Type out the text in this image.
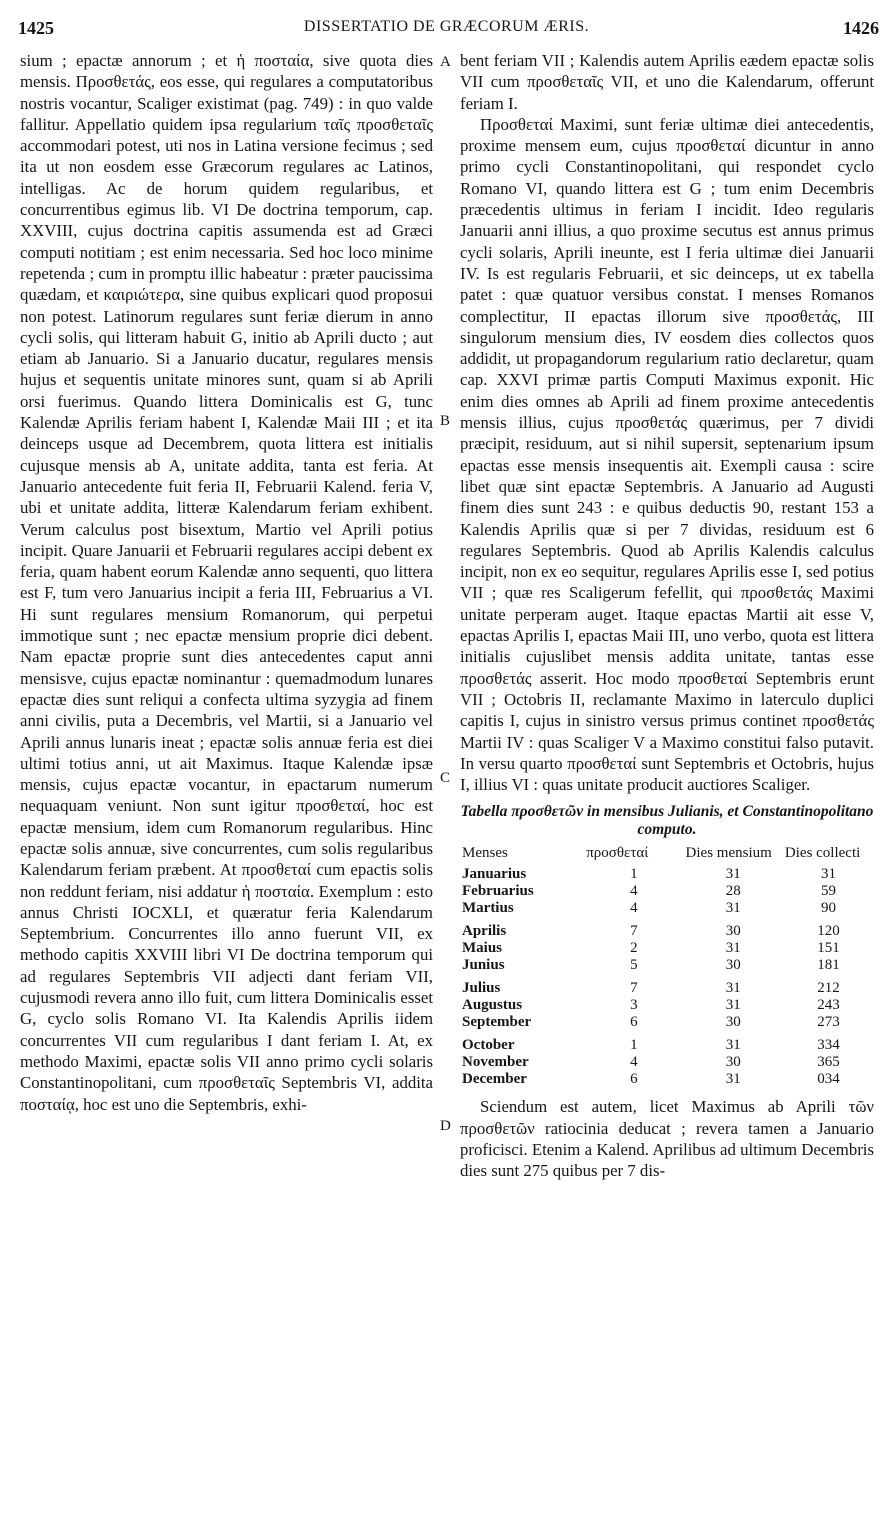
1425	DISSERTATIO DE GRÆCORUM ÆRIS.	1426
A
B
C
D

sium ; epactæ annorum ; et ἡ ποσταία, sive quota dies mensis. Προσθετάς, eos esse, qui regulares a computatoribus nostris vocantur, Scaliger existimat (pag. 749) : in quo valde fallitur. Appellatio quidem ipsa regularium ταῖς προσθεταῖς accommodari potest, uti nos in Latina versione fecimus ; sed ita ut non eosdem esse Græcorum regulares ac Latinos, intelligas. Ac de horum quidem regularibus, et concurrentibus egimus lib. VI De doctrina temporum, cap. XXVIII, cujus doctrina capitis assumenda est ad Græci computi notitiam ; est enim necessaria. Sed hoc loco minime repetenda ; cum in promptu illic habeatur : præter paucissima quædam, et καιριώτερα, sine quibus explicari quod proposui non potest. Latinorum regulares sunt feriæ dierum in anno cycli solis, qui litteram habuit G, initio ab Aprili ducto ; aut etiam ab Januario. Si a Januario ducatur, regulares mensis hujus et sequentis unitate minores sunt, quam si ab Aprili orsi fuerimus. Quando littera Dominicalis est G, tunc Kalendæ Aprilis feriam habent I, Kalendæ Maii III ; et ita deinceps usque ad Decembrem, quota littera est initialis cujusque mensis ab A, unitate addita, tanta est feria. At Januario antecedente fuit feria II, Februarii Kalend. feria V, ubi et unitate addita, litteræ Kalendarum feriam exhibent. Verum calculus post bisextum, Martio vel Aprili potius incipit. Quare Januarii et Februarii regulares accipi debent ex feria, quam habent eorum Kalendæ anno sequenti, quo littera est F, tum vero Januarius incipit a feria III, Februarius a VI. Hi sunt regulares mensium Romanorum, qui perpetui immotique sunt ; nec epactæ mensium proprie dici debent. Nam epactæ proprie sunt dies antecedentes caput anni mensisve, cujus epactæ nominantur : quemadmodum lunares epactæ dies sunt reliqui a confecta ultima syzygia ad finem anni civilis, puta a Decembris, vel Martii, si a Januario vel Aprili annus lunaris ineat ; epactæ solis annuæ feria est diei ultimi totius anni, ut ait Maximus. Itaque Kalendæ ipsæ mensis, cujus epactæ vocantur, in epactarum numerum nequaquam veniunt. Non sunt igitur προσθεταί, hoc est epactæ mensium, idem cum Romanorum regularibus. Hinc epactæ solis annuæ, sive concurrentes, cum solis regularibus Kalendarum feriam præbent. At προσθεταί cum epactis solis non reddunt feriam, nisi addatur ἡ ποσταία. Exemplum : esto annus Christi IOCXLI, et quæratur feria Kalendarum Septembrium. Concurrentes illo anno fuerunt VII, ex methodo capitis XXVIII libri VI De doctrina temporum qui ad regulares Septembris VII adjecti dant feriam VII, cujusmodi revera anno illo fuit, cum littera Dominicalis esset G, cyclo solis Romano VI. Ita Kalendis Aprilis iidem concurrentes VII cum regularibus I dant feriam I. At, ex methodo Maximi, epactæ solis VII anno primo cycli solaris Constantinopolitani, cum προσθεταῖς Septembris VI, addita ποσταίᾳ, hoc est uno die Septembris, exhi-

bent feriam VII ; Kalendis autem Aprilis eædem epactæ solis VII cum προσθεταῖς VII, et uno die Kalendarum, offerunt feriam I.

Προσθεταί Maximi, sunt feriæ ultimæ diei antecedentis, proxime mensem eum, cujus προσθεταί dicuntur in anno primo cycli Constantinopolitani, qui respondet cyclo Romano VI, quando littera est G ; tum enim Decembris præcedentis ultimus in feriam I incidit. Ideo regularis Januarii anni illius, a quo proxime secutus est annus primus cycli solaris, Aprili ineunte, est I feria ultimæ diei Januarii IV. Is est regularis Februarii, et sic deinceps, ut ex tabella patet : quæ quatuor versibus constat. I menses Romanos complectitur, II epactas illorum sive προσθετάς, III singulorum mensium dies, IV eosdem dies collectos quos addidit, ut propagandorum regularium ratio declaretur, quam cap. XXVI primæ partis Computi Maximus exponit. Hic enim dies omnes ab Aprili ad finem proxime antecedentis mensis illius, cujus προσθετάς quærimus, per 7 dividi præcipit, residuum, aut si nihil supersit, septenarium ipsum epactas esse mensis insequentis ait. Exempli causa : scire libet quæ sint epactæ Septembris. A Januario ad Augusti finem dies sunt 243 : e quibus deductis 90, restant 153 a Kalendis Aprilis quæ si per 7 dividas, residuum est 6 regulares Septembris. Quod ab Aprilis Kalendis calculus incipit, non ex eo sequitur, regulares Aprilis esse I, sed potius VII ; quæ res Scaligerum fefellit, qui προσθετάς Maximi unitate perperam auget. Itaque epactas Martii ait esse V, epactas Aprilis I, epactas Maii III, uno verbo, quota est littera initialis cujuslibet mensis addita unitate, tantas esse προσθετάς asserit. Hoc modo προσθεταί Septembris erunt VII ; Octobris II, reclamante Maximo in laterculo duplici capitis I, cujus in sinistro versus primus continet προσθετάς Martii IV : quas Scaliger V a Maximo constitui falso putavit. In versu quarto προσθεταί sunt Septembris et Octobris, hujus I, illius VI : quas unitate producit auctiores Scaliger.

Tabella προσθετῶν in mensibus Julianis, et Constantinopolitano computo.
Menses	προσθεταί	Dies mensium	Dies collecti
Januarius	1	31	31
Februarius	4	28	59
Martius	4	31	90
Aprilis	7	30	120
Maius	2	31	151
Junius	5	30	181
Julius	7	31	212
Augustus	3	31	243
September	6	30	273
October	1	31	334
November	4	30	365
December	6	31	034

Sciendum est autem, licet Maximus ab Aprili τῶν προσθετῶν ratiocinia deducat ; revera tamen a Januario proficisci. Etenim a Kalend. Aprilibus ad ultimum Decembris dies sunt 275 quibus per 7 dis-
